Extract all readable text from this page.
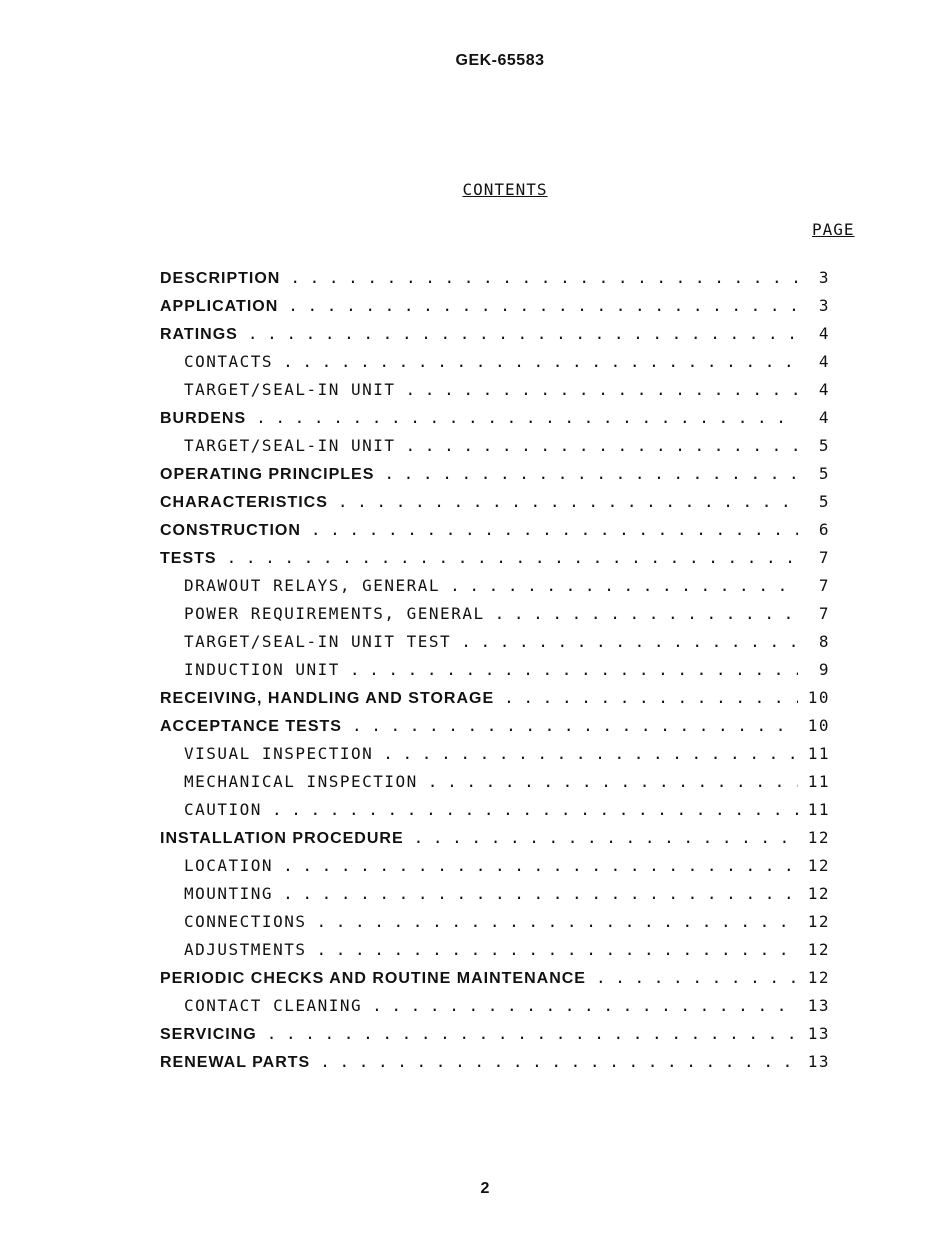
GEK-65583
CONTENTS
PAGE
DESCRIPTION . . .	3
APPLICATION . . .	3
RATINGS . . .	4
CONTACTS . . .	4
TARGET/SEAL-IN UNIT . . .	4
BURDENS . . .	4
TARGET/SEAL-IN UNIT . . .	5
OPERATING PRINCIPLES . . .	5
CHARACTERISTICS . . .	5
CONSTRUCTION . . .	6
TESTS . . .	7
DRAWOUT RELAYS, GENERAL . . .	7
POWER REQUIREMENTS, GENERAL . . .	7
TARGET/SEAL-IN UNIT TEST . . .	8
INDUCTION UNIT . . .	9
RECEIVING, HANDLING AND STORAGE . . .	10
ACCEPTANCE TESTS . . .	10
VISUAL INSPECTION . . .	11
MECHANICAL INSPECTION . . .	11
CAUTION . . .	11
INSTALLATION PROCEDURE . . .	12
LOCATION . . .	12
MOUNTING . . .	12
CONNECTIONS . . .	12
ADJUSTMENTS . . .	12
PERIODIC CHECKS AND ROUTINE MAINTENANCE . . .	12
CONTACT CLEANING . . .	13
SERVICING . . .	13
RENEWAL PARTS . . .	13
2
